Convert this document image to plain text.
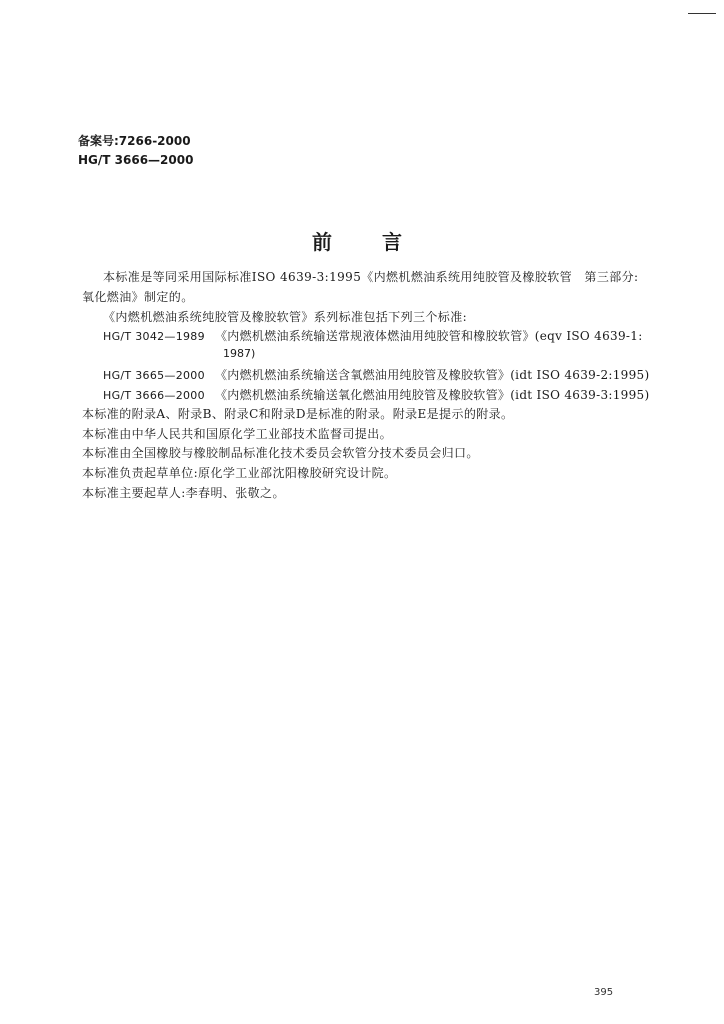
备案号:7266-2000
HG/T 3666—2000
前言
本标准是等同采用国际标准ISO 4639-3:1995《内燃机燃油系统用纯胶管及橡胶软管　第三部分:
氧化燃油》制定的。
《内燃机燃油系统纯胶管及橡胶软管》系列标准包括下列三个标准:
HG/T 3042—1989 《内燃机燃油系统输送常规液体燃油用纯胶管和橡胶软管》(eqv ISO 4639-1:
1987)
HG/T 3665—2000 《内燃机燃油系统输送含氧燃油用纯胶管及橡胶软管》(idt ISO 4639-2:1995)
HG/T 3666—2000 《内燃机燃油系统输送氧化燃油用纯胶管及橡胶软管》(idt ISO 4639-3:1995)
本标准的附录A、附录B、附录C和附录D是标准的附录。附录E是提示的附录。
本标准由中华人民共和国原化学工业部技术监督司提出。
本标准由全国橡胶与橡胶制品标准化技术委员会软管分技术委员会归口。
本标准负责起草单位:原化学工业部沈阳橡胶研究设计院。
本标准主要起草人:李春明、张敬之。
395
